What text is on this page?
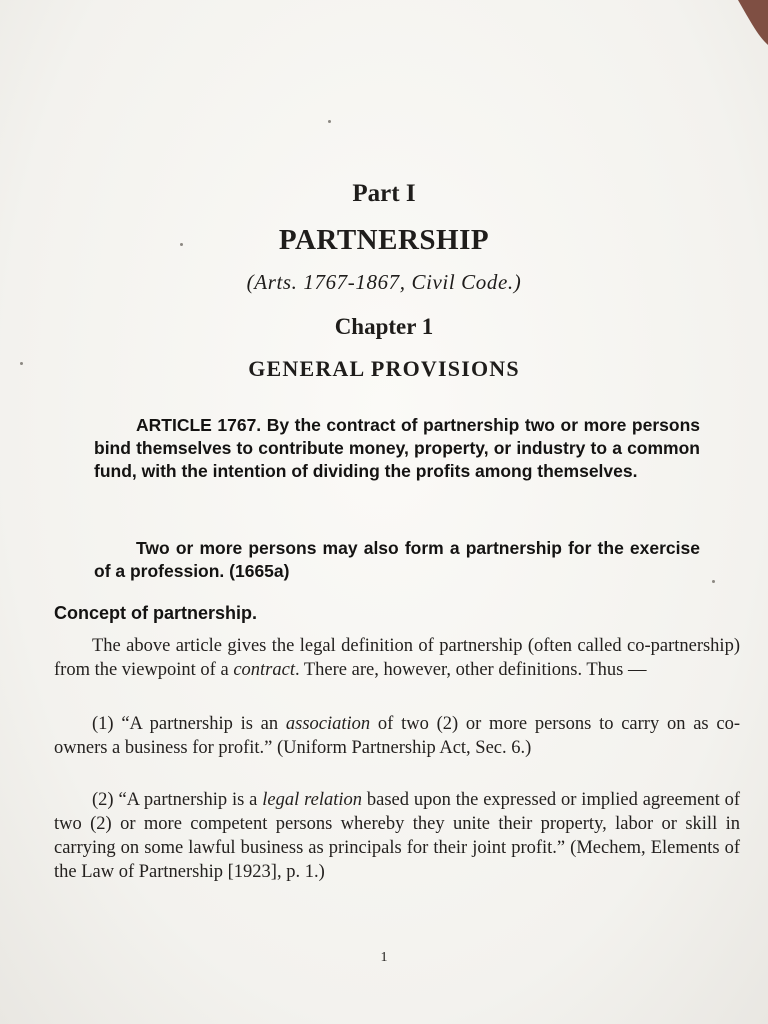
Part I
PARTNERSHIP
(Arts. 1767-1867, Civil Code.)
Chapter 1
GENERAL PROVISIONS
ARTICLE 1767. By the contract of partnership two or more persons bind themselves to contribute money, property, or industry to a common fund, with the intention of dividing the profits among themselves.
Two or more persons may also form a partnership for the exercise of a profession. (1665a)
Concept of partnership.
The above article gives the legal definition of partnership (often called co-partnership) from the viewpoint of a contract. There are, however, other definitions. Thus —
(1) “A partnership is an association of two (2) or more persons to carry on as co-owners a business for profit.” (Uniform Partnership Act, Sec. 6.)
(2) “A partnership is a legal relation based upon the expressed or implied agreement of two (2) or more competent persons whereby they unite their property, labor or skill in carrying on some lawful business as principals for their joint profit.” (Mechem, Elements of the Law of Partnership [1923], p. 1.)
1
